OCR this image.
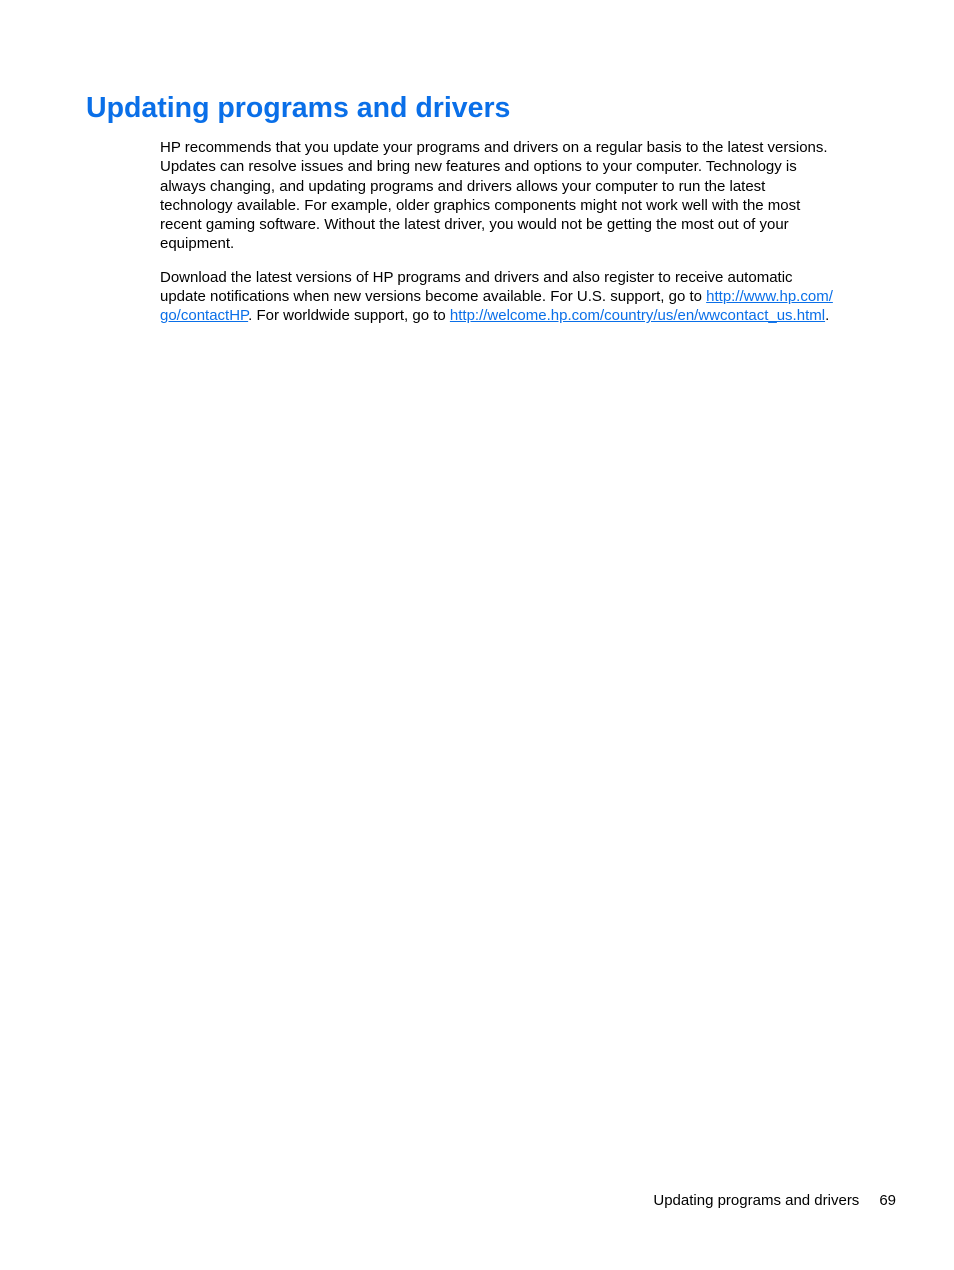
Updating programs and drivers

HP recommends that you update your programs and drivers on a regular basis to the latest versions.
Updates can resolve issues and bring new features and options to your computer. Technology is
always changing, and updating programs and drivers allows your computer to run the latest
technology available. For example, older graphics components might not work well with the most
recent gaming software. Without the latest driver, you would not be getting the most out of your
equipment.

Download the latest versions of HP programs and drivers and also register to receive automatic
update notifications when new versions become available. For U.S. support, go to http://www.hp.com/
go/contactHP. For worldwide support, go to http://welcome.hp.com/country/us/en/wwcontact_us.html.

Updating programs and drivers 69
